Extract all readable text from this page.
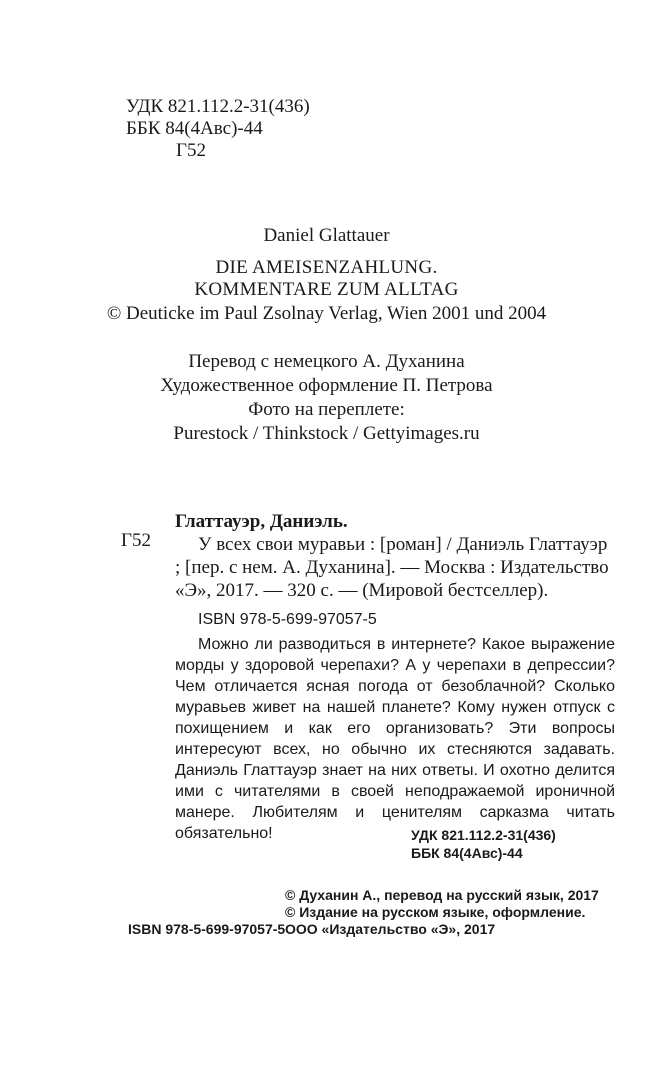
УДК 821.112.2-31(436)
ББК 84(4Авс)-44
Г52
Daniel Glattauer
DIE AMEISENZAHLUNG.
KOMMENTARE ZUM ALLTAG
© Deuticke im Paul Zsolnay Verlag, Wien 2001 und 2004
Перевод с немецкого А. Духанина
Художественное оформление П. Петрова
Фото на переплете:
Purestock / Thinkstock / Gettyimages.ru
Г52
Глаттауэр, Даниэль.
У всех свои муравьи : [роман] / Даниэль Глаттауэр ; [пер. с нем. А. Духанина]. — Москва : Издательство «Э», 2017. — 320 с. — (Мировой бестселлер).
ISBN 978-5-699-97057-5
Можно ли разводиться в интернете? Какое выражение морды у здоровой черепахи? А у черепахи в депрессии? Чем отличается ясная погода от безоблачной? Сколько муравьев живет на нашей планете? Кому нужен отпуск с похищением и как его организовать? Эти вопросы интересуют всех, но обычно их стесняются задавать. Даниэль Глаттауэр знает на них ответы. И охотно делится ими с читателями в своей неподражаемой ироничной манере. Любителям и ценителям сарказма читать обязательно!	УДК 821.112.2-31(436)
ББК 84(4Авс)-44
© Духанин А., перевод на русский язык, 2017
© Издание на русском языке, оформление.
ООО «Издательство «Э», 2017
ISBN 978-5-699-97057-5
